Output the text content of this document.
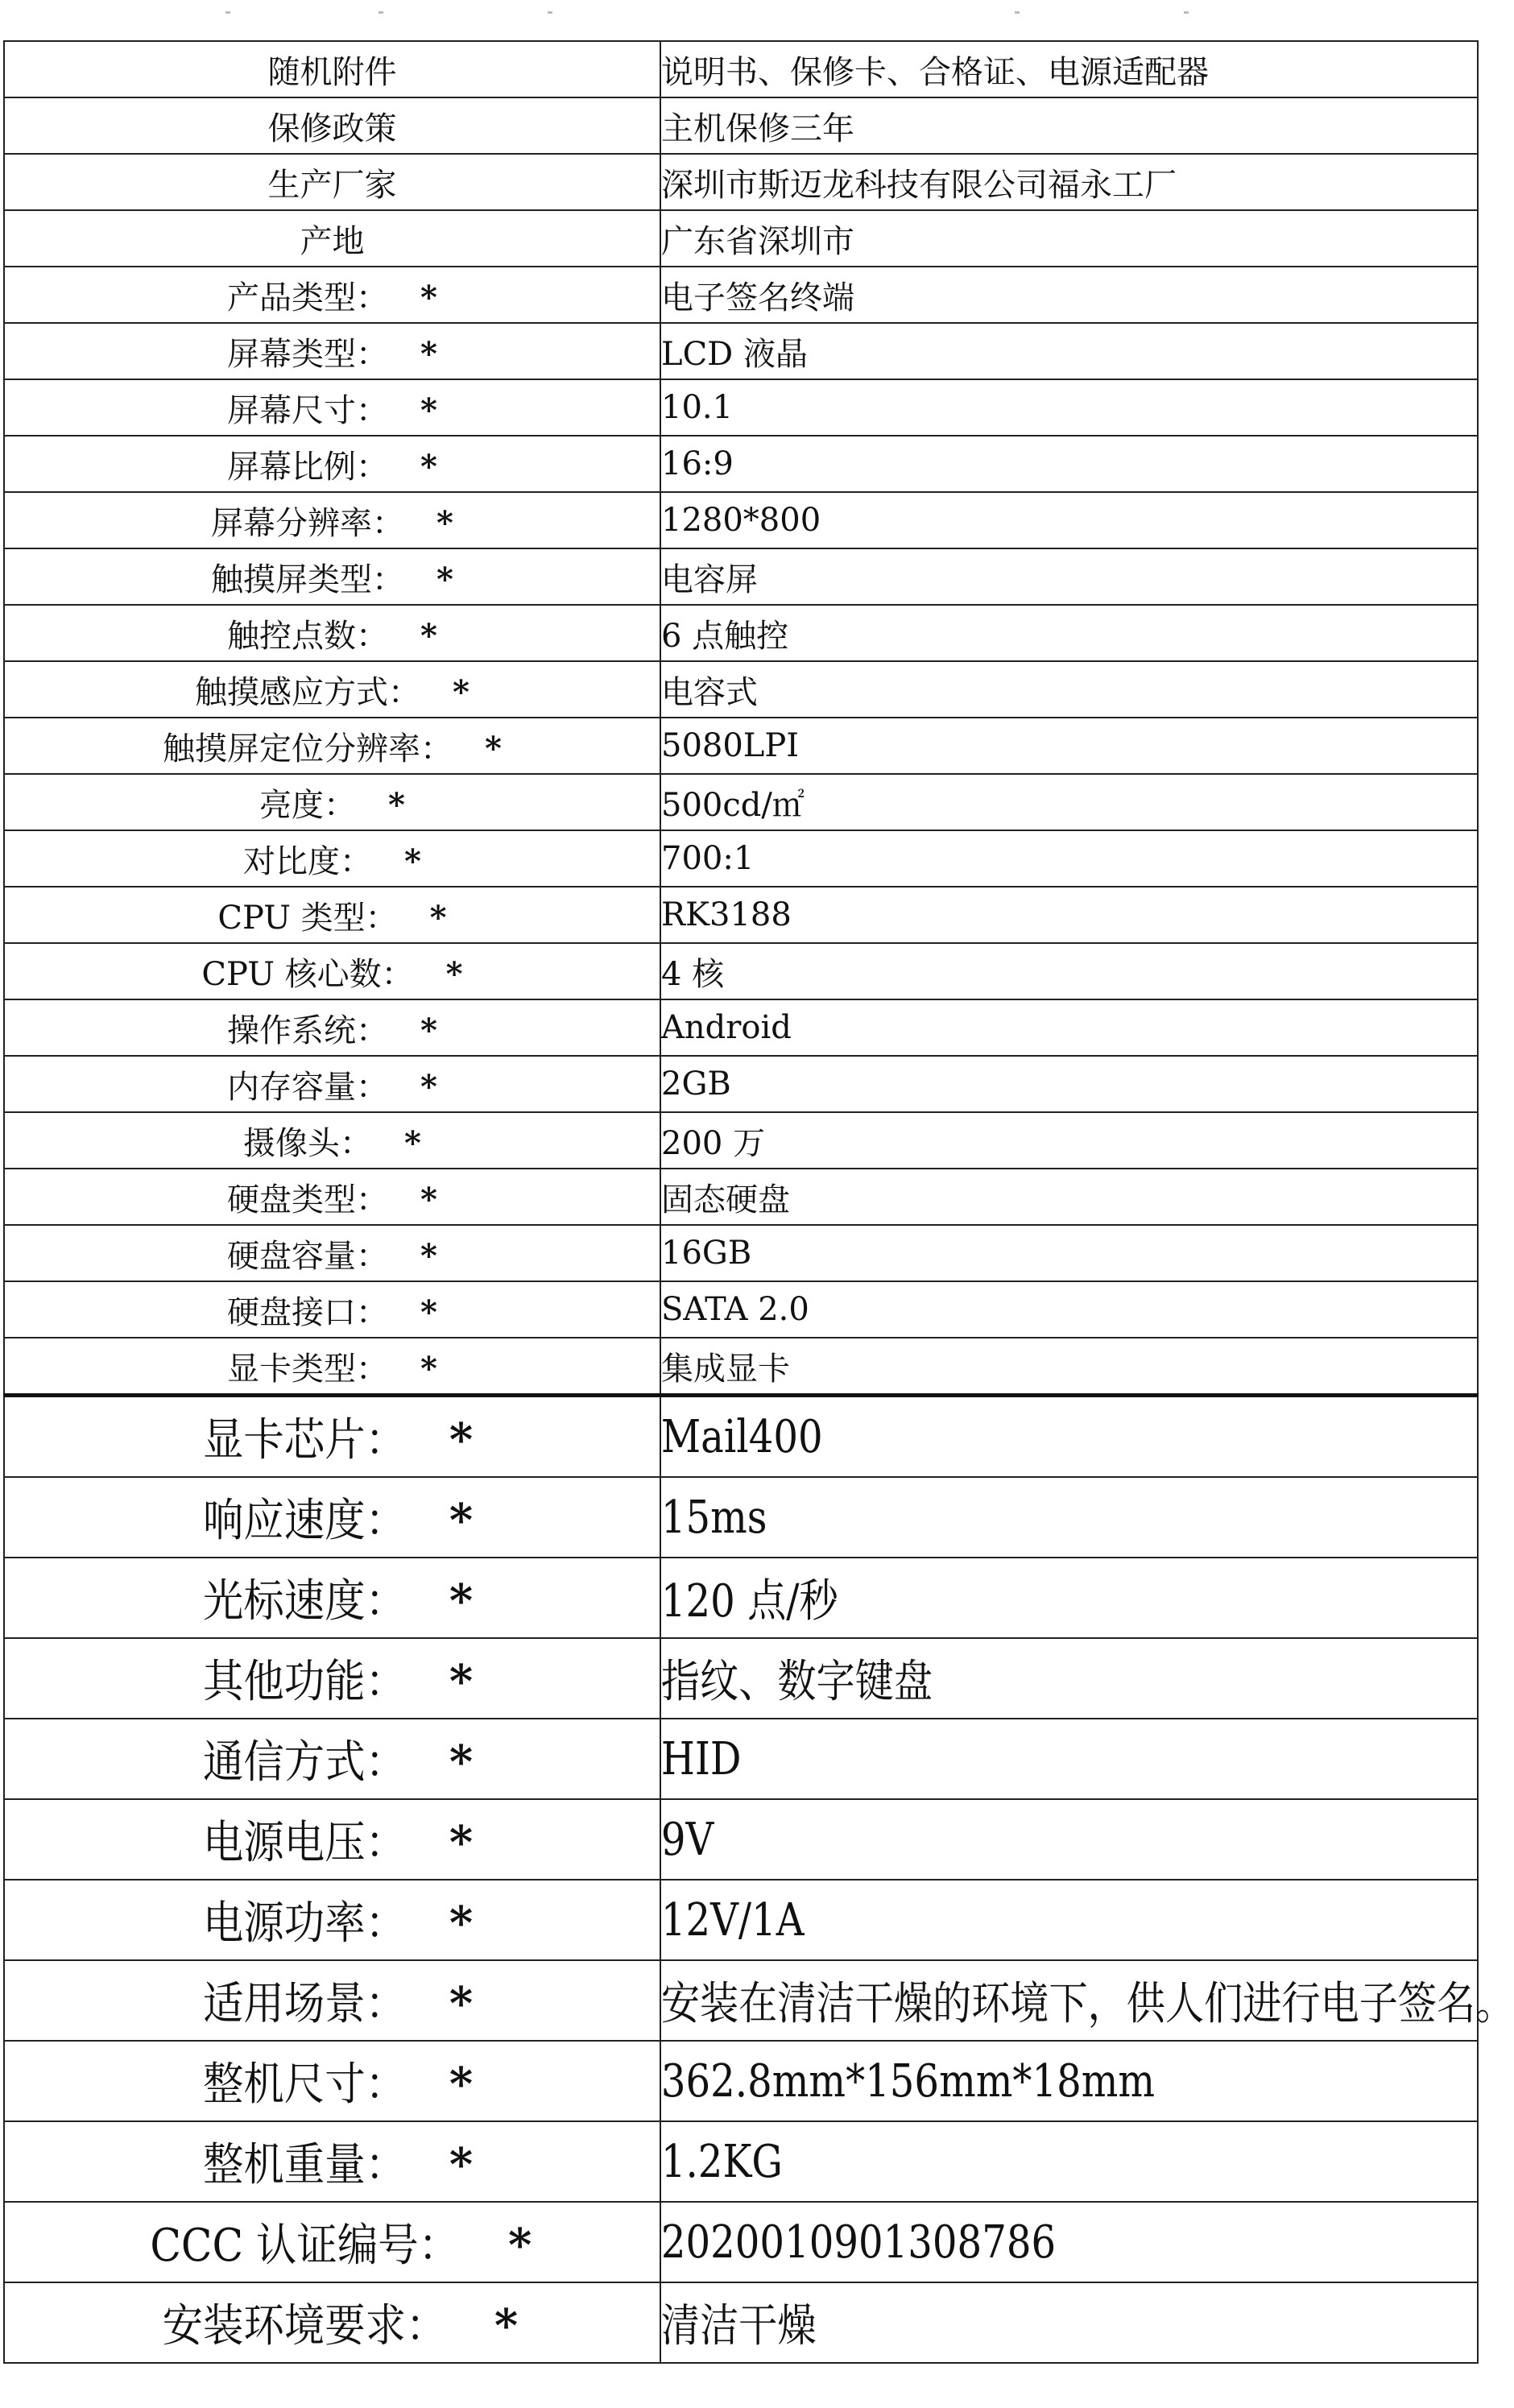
随机附件	说明书、保修卡、合格证、电源适配器
保修政策	主机保修三年
生产厂家	深圳市斯迈龙科技有限公司福永工厂
产地	广东省深圳市
产品类型： *	电子签名终端
屏幕类型： *	LCD 液晶
屏幕尺寸： *	10.1
屏幕比例： *	16:9
屏幕分辨率： *	1280*800
触摸屏类型： *	电容屏
触控点数： *	6 点触控
触摸感应方式： *	电容式
触摸屏定位分辨率： *	5080LPI
亮度： *	500cd/㎡
对比度： *	700:1
CPU 类型： *	RK3188
CPU 核心数： *	4 核
操作系统： *	Android
内存容量： *	2GB
摄像头： *	200 万
硬盘类型： *	固态硬盘
硬盘容量： *	16GB
硬盘接口： *	SATA 2.0
显卡类型： *	集成显卡
显卡芯片： *	Mail400
响应速度： *	15ms
光标速度： *	120 点/秒
其他功能： *	指纹、数字键盘
通信方式： *	HID
电源电压： *	9V
电源功率： *	12V/1A
适用场景： *	安装在清洁干燥的环境下，供人们进行电子签名。
整机尺寸： *	362.8mm*156mm*18mm
整机重量： *	1.2KG
CCC 认证编号： *	2020010901308786
安装环境要求： *	清洁干燥
